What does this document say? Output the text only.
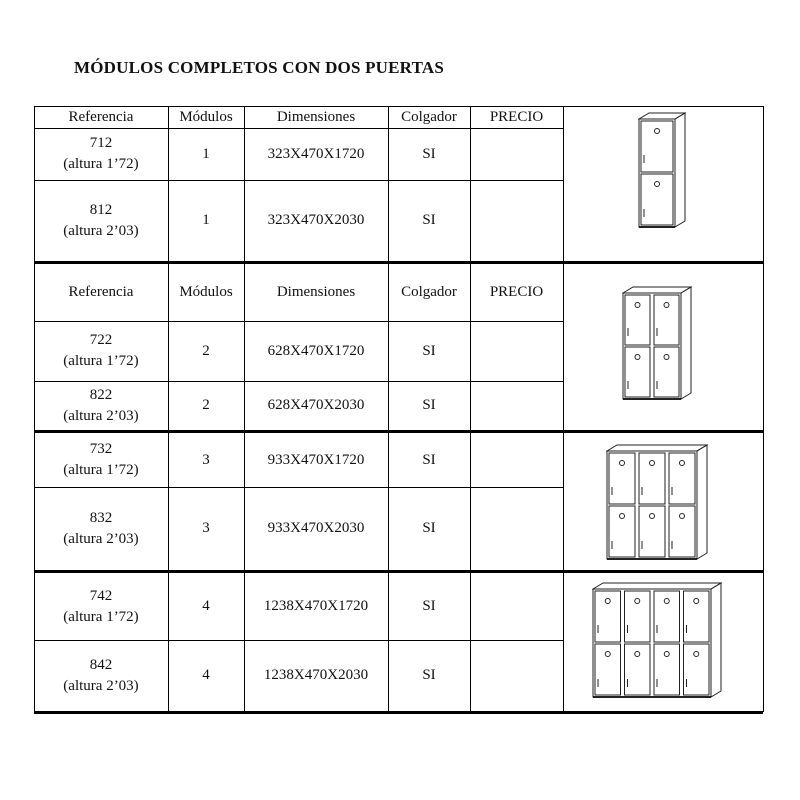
MÓDULOS COMPLETOS CON DOS PUERTAS
Referencia	Módulos	Dimensiones	Colgador PRECIO
Referencia	Módulos	Dimensiones	Colgador PRECIO
712
(altura 1’72)
1	323X470X1720	SI
812
(altura 2’03)
1	323X470X2030	SI
722
(altura 1’72)
2	628X470X1720	SI
822
(altura 2’03)
2	628X470X2030	SI
732
(altura 1’72)
3	933X470X1720	SI
832
(altura 2’03)
3	933X470X2030	SI
742
(altura 1’72)
4	1238X470X1720	SI
842
(altura 2’03)
4	1238X470X2030	SI
